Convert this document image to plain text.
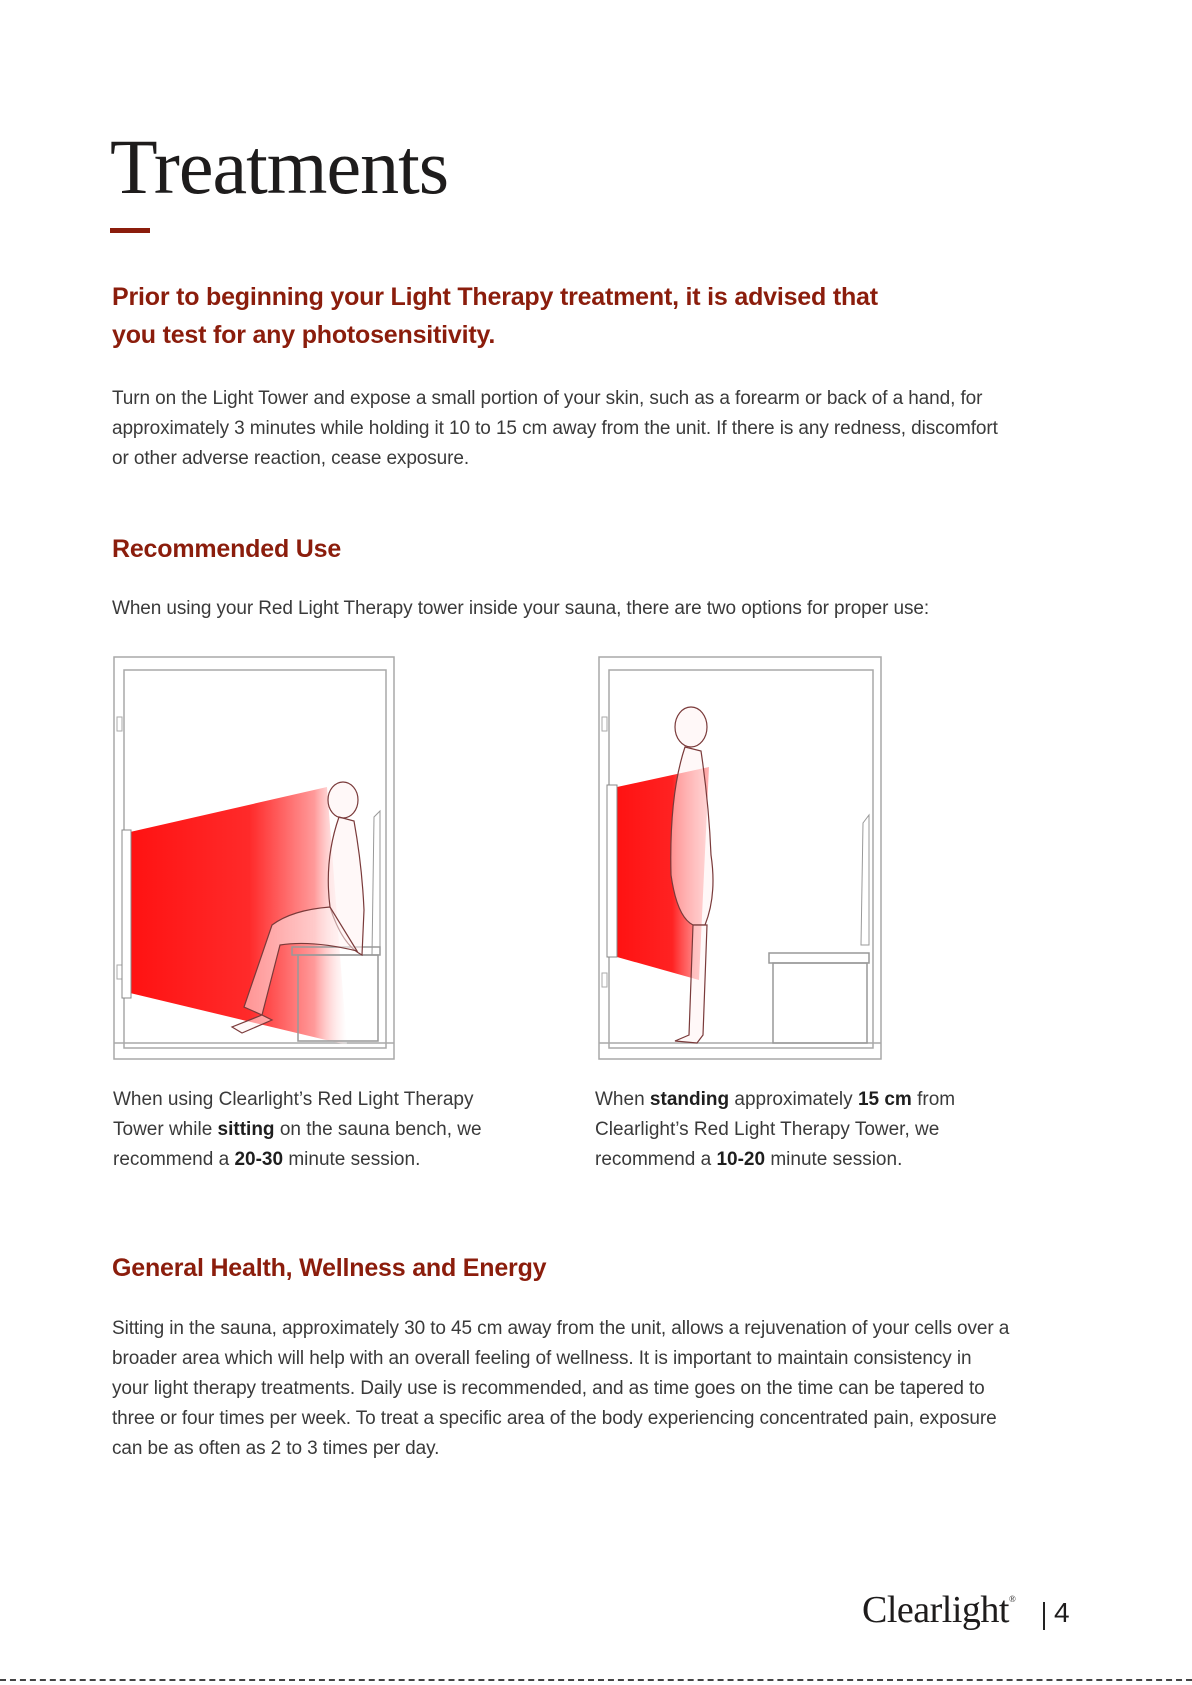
Treatments
Prior to beginning your Light Therapy treatment, it is advised that
you test for any photosensitivity.

Turn on the Light Tower and expose a small portion of your skin, such as a forearm or back of a hand, for
approximately 3 minutes while holding it 10 to 15 cm away from the unit. If there is any redness, discomfort
or other adverse reaction, cease exposure.

Recommended Use

When using your Red Light Therapy tower inside your sauna, there are two options for proper use:

When using Clearlight’s Red Light Therapy
Tower while sitting on the sauna bench, we
recommend a 20-30 minute session.

When standing approximately 15 cm from
Clearlight’s Red Light Therapy Tower, we
recommend a 10-20 minute session.

General Health, Wellness and Energy

Sitting in the sauna, approximately 30 to 45 cm away from the unit, allows a rejuvenation of your cells over a
broader area which will help with an overall feeling of wellness. It is important to maintain consistency in
your light therapy treatments. Daily use is recommended, and as time goes on the time can be tapered to
three or four times per week. To treat a specific area of the body experiencing concentrated pain, exposure
can be as often as 2 to 3 times per day.

Clearlight® 4
